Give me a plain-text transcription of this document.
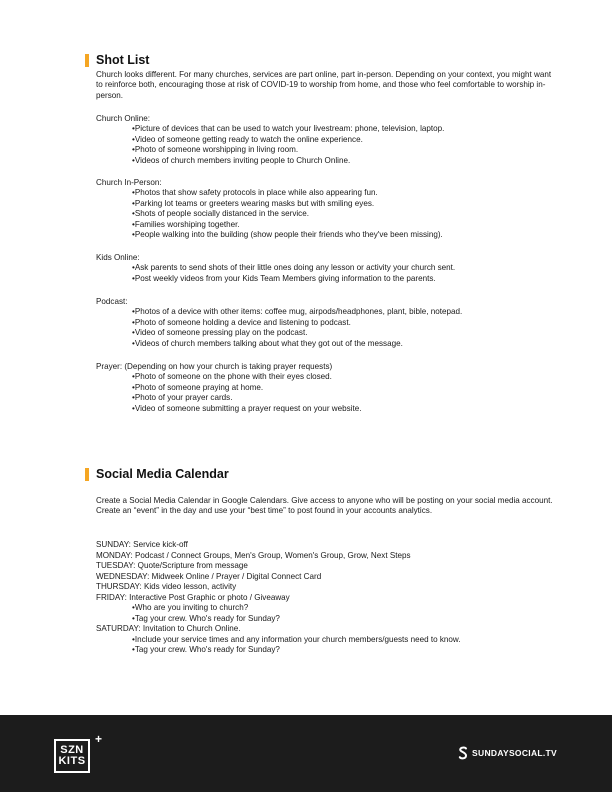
Shot List
Church looks different. For many churches, services are part online, part in-person. Depending on your context, you might want to reinforce both, encouraging those at risk of COVID-19 to worship from home, and those who feel comfortable to worship in-person.
Church Online:
• Picture of devices that can be used to watch your livestream: phone, television, laptop.
• Video of someone getting ready to watch the online experience.
• Photo of someone worshipping in living room.
• Videos of church members inviting people to Church Online.
Church In-Person:
• Photos that show safety protocols in place while also appearing fun.
• Parking lot teams or greeters wearing masks but with smiling eyes.
• Shots of people socially distanced in the service.
• Families worshiping together.
• People walking into the building (show people their friends who they've been missing).
Kids Online:
• Ask parents to send shots of their little ones doing any lesson or activity your church sent.
• Post weekly videos from your Kids Team Members giving information to the parents.
Podcast:
• Photos of a device with other items: coffee mug, airpods/headphones, plant, bible, notepad.
• Photo of someone holding a device and listening to podcast.
• Video of someone pressing play on the podcast.
• Videos of church members talking about what they got out of the message.
Prayer: (Depending on how your church is taking prayer requests)
• Photo of someone on the phone with their eyes closed.
• Photo of someone praying at home.
• Photo of your prayer cards.
• Video of someone submitting a prayer request on your website.
Social Media Calendar
Create a Social Media Calendar in Google Calendars. Give access to anyone who will be posting on your social media account. Create an “event” in the day and use your “best time” to post found in your accounts analytics.
SUNDAY: Service kick-off
MONDAY: Podcast / Connect Groups, Men's Group, Women's Group, Grow, Next Steps
TUESDAY: Quote/Scripture from message
WEDNESDAY: Midweek Online / Prayer / Digital Connect Card
THURSDAY: Kids video lesson, activity
FRIDAY: Interactive Post Graphic or photo / Giveaway
• Who are you inviting to church?
• Tag your crew. Who's ready for Sunday?
SATURDAY: Invitation to Church Online.
• Include your service times and any information your church members/guests need to know.
• Tag your crew. Who's ready for Sunday?
SZN
KITS
+
SUNDAYSOCIAL.TV
